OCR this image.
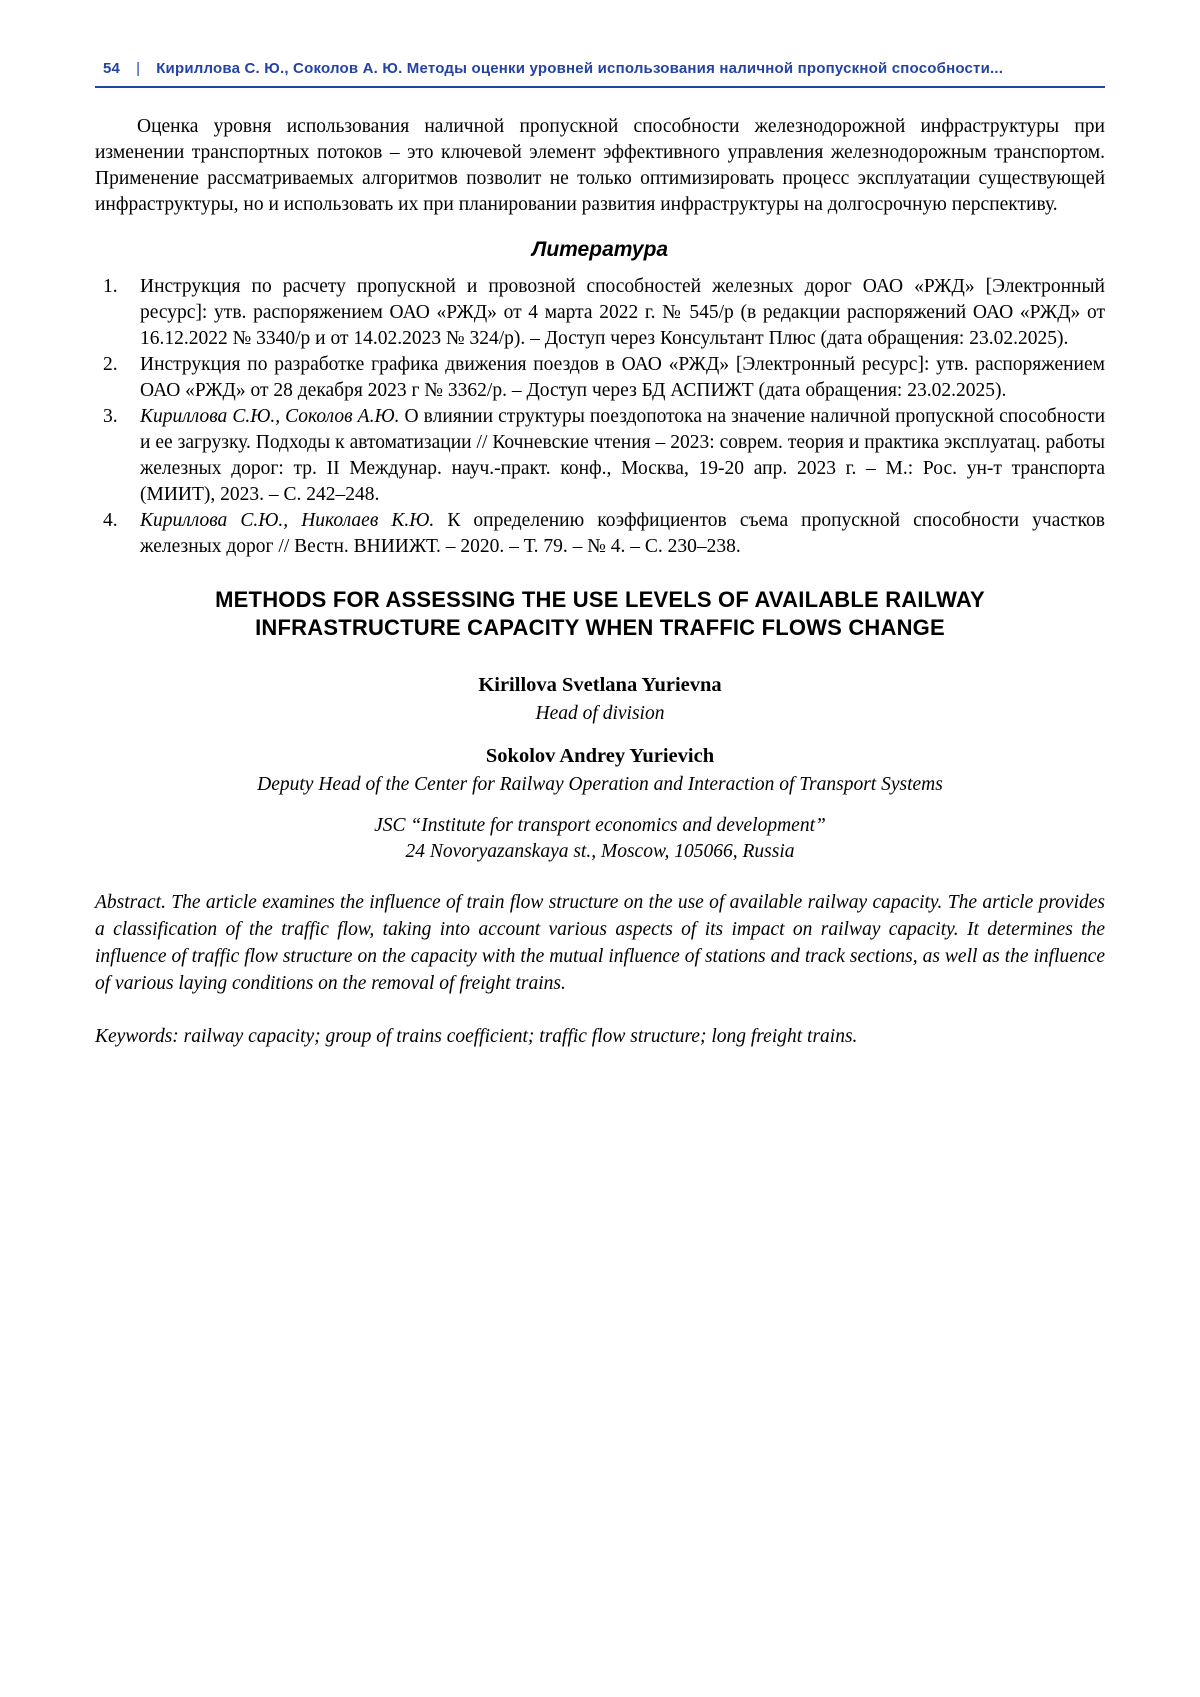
54 | Кириллова С. Ю., Соколов А. Ю. Методы оценки уровней использования наличной пропускной способности...

Оценка уровня использования наличной пропускной способности железнодорожной инфраструктуры при изменении транспортных потоков – это ключевой элемент эффективного управления железнодорожным транспортом. Применение рассматриваемых алгоритмов позволит не только оптимизировать процесс эксплуатации существующей инфраструктуры, но и использовать их при планировании развития инфраструктуры на долгосрочную перспективу.

Литература
1. Инструкция по расчету пропускной и провозной способностей железных дорог ОАО «РЖД» [Электронный ресурс]: утв. распоряжением ОАО «РЖД» от 4 марта 2022 г. № 545/р (в редакции распоряжений ОАО «РЖД» от 16.12.2022 № 3340/р и от 14.02.2023 № 324/р). – Доступ через Консультант Плюс (дата обращения: 23.02.2025).
2. Инструкция по разработке графика движения поездов в ОАО «РЖД» [Электронный ресурс]: утв. распоряжением ОАО «РЖД» от 28 декабря 2023 г № 3362/р. – Доступ через БД АСПИЖТ (дата обращения: 23.02.2025).
3. Кириллова С.Ю., Соколов А.Ю. О влиянии структуры поездопотока на значение наличной пропускной способности и ее загрузку. Подходы к автоматизации // Кочневские чтения – 2023: соврем. теория и практика эксплуатац. работы железных дорог: тр. II Междунар. науч.-практ. конф., Москва, 19-20 апр. 2023 г. – М.: Рос. ун-т транспорта (МИИТ), 2023. – С. 242–248.
4. Кириллова С.Ю., Николаев К.Ю. К определению коэффициентов съема пропускной способности участков железных дорог // Вестн. ВНИИЖТ. – 2020. – Т. 79. – № 4. – С. 230–238.
METHODS FOR ASSESSING THE USE LEVELS OF AVAILABLE RAILWAY INFRASTRUCTURE CAPACITY WHEN TRAFFIC FLOWS CHANGE
Kirillova Svetlana Yurievna
Head of division
Sokolov Andrey Yurievich
Deputy Head of the Center for Railway Operation and Interaction of Transport Systems
JSC “Institute for transport economics and development”
24 Novoryazanskaya st., Moscow, 105066, Russia

Abstract. The article examines the influence of train flow structure on the use of available railway capacity. The article provides a classification of the traffic flow, taking into account various aspects of its impact on railway capacity. It determines the influence of traffic flow structure on the capacity with the mutual influence of stations and track sections, as well as the influence of various laying conditions on the removal of freight trains.

Keywords: railway capacity; group of trains coefficient; traffic flow structure; long freight trains.
